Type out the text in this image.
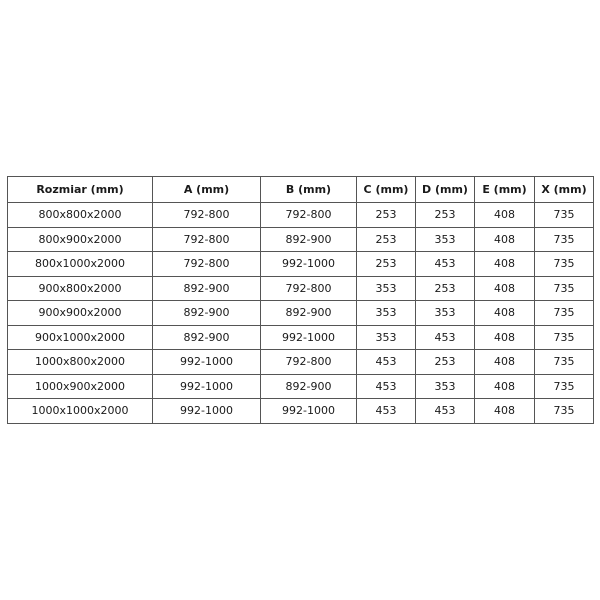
Rozmiar (mm)	A (mm)	B (mm)	C (mm)	D (mm)	E (mm)	X (mm)
800x800x2000	792-800	792-800	253	253	408	735
800x900x2000	792-800	892-900	253	353	408	735
800x1000x2000	792-800	992-1000	253	453	408	735
900x800x2000	892-900	792-800	353	253	408	735
900x900x2000	892-900	892-900	353	353	408	735
900x1000x2000	892-900	992-1000	353	453	408	735
1000x800x2000	992-1000	792-800	453	253	408	735
1000x900x2000	992-1000	892-900	453	353	408	735
1000x1000x2000	992-1000	992-1000	453	453	408	735
